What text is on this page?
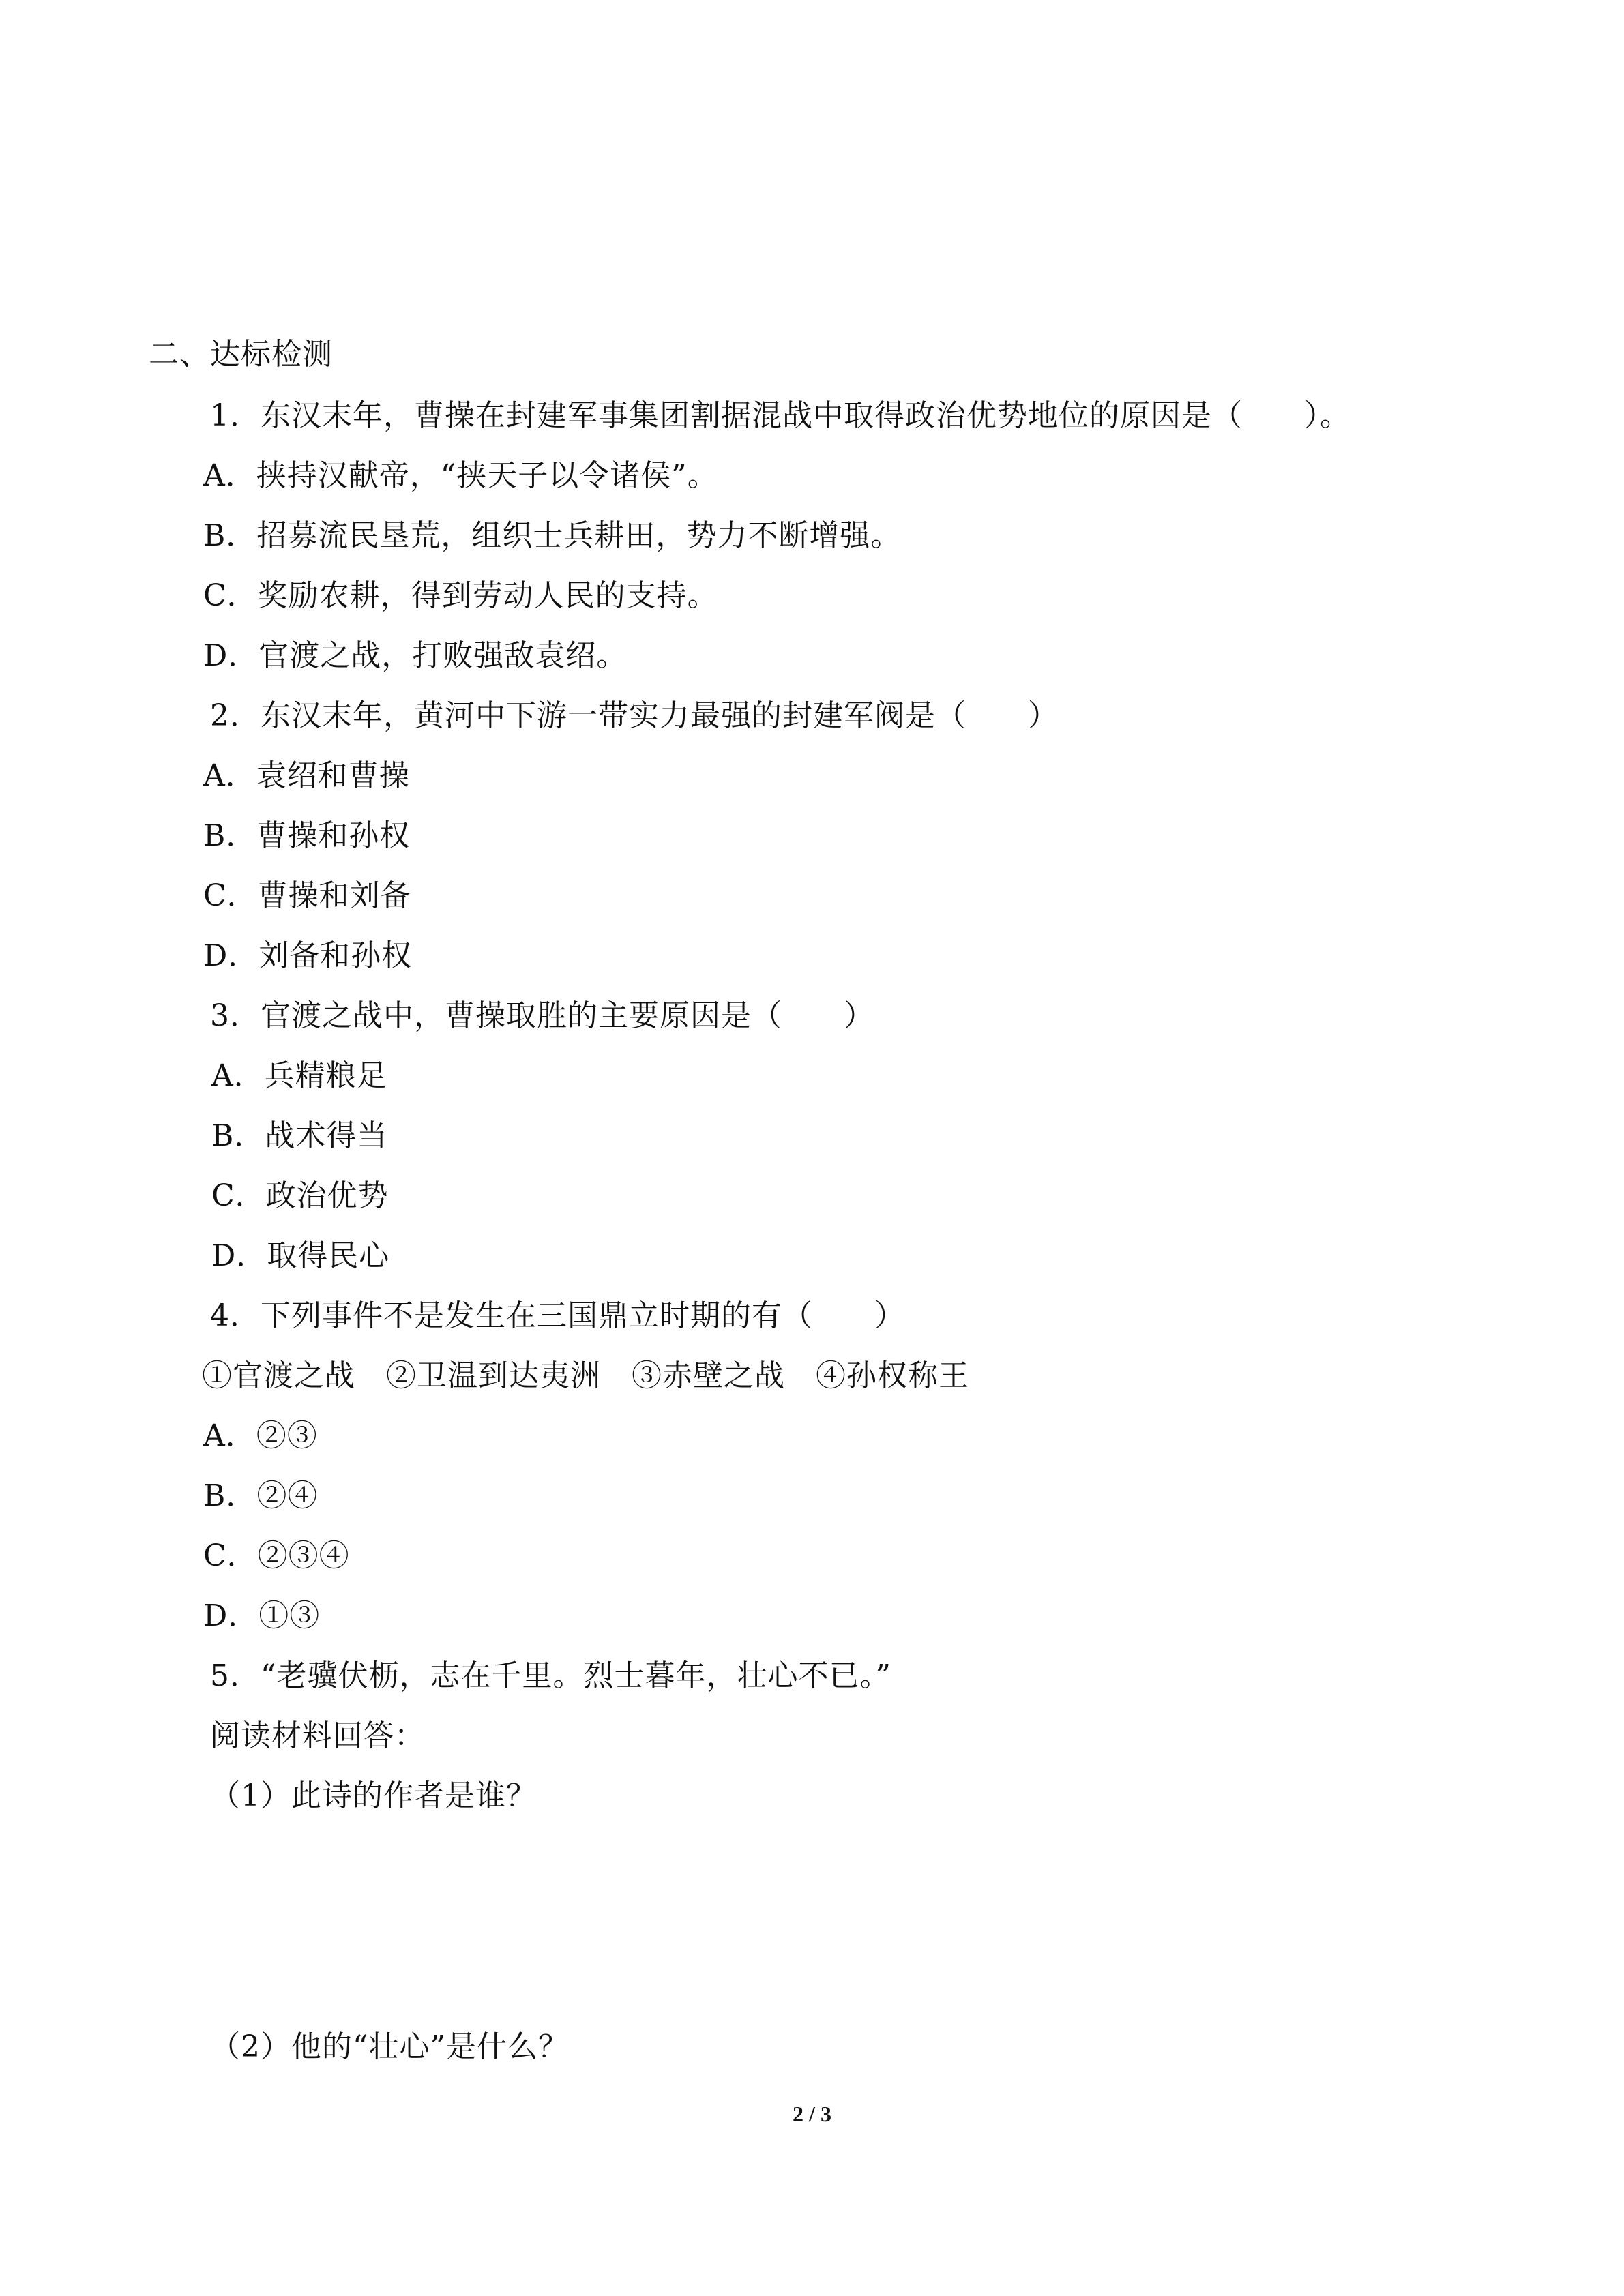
二、达标检测
1．东汉末年，曹操在封建军事集团割据混战中取得政治优势地位的原因是（　　）。
A．挟持汉献帝，“挟天子以令诸侯”。
B．招募流民垦荒，组织士兵耕田，势力不断增强。
C．奖励农耕，得到劳动人民的支持。
D．官渡之战，打败强敌袁绍。
2．东汉末年，黄河中下游一带实力最强的封建军阀是（　　）
A．袁绍和曹操
B．曹操和孙权
C．曹操和刘备
D．刘备和孙权
3．官渡之战中，曹操取胜的主要原因是（　　）
A．兵精粮足
B．战术得当
C．政治优势
D．取得民心
4．下列事件不是发生在三国鼎立时期的有（　　）
①官渡之战　②卫温到达夷洲　③赤壁之战　④孙权称王
A．②③
B．②④
C．②③④
D．①③
5．“老骥伏枥，志在千里。烈士暮年，壮心不已。”
阅读材料回答：
（1）此诗的作者是谁？
（2）他的“壮心”是什么？
2 / 3
